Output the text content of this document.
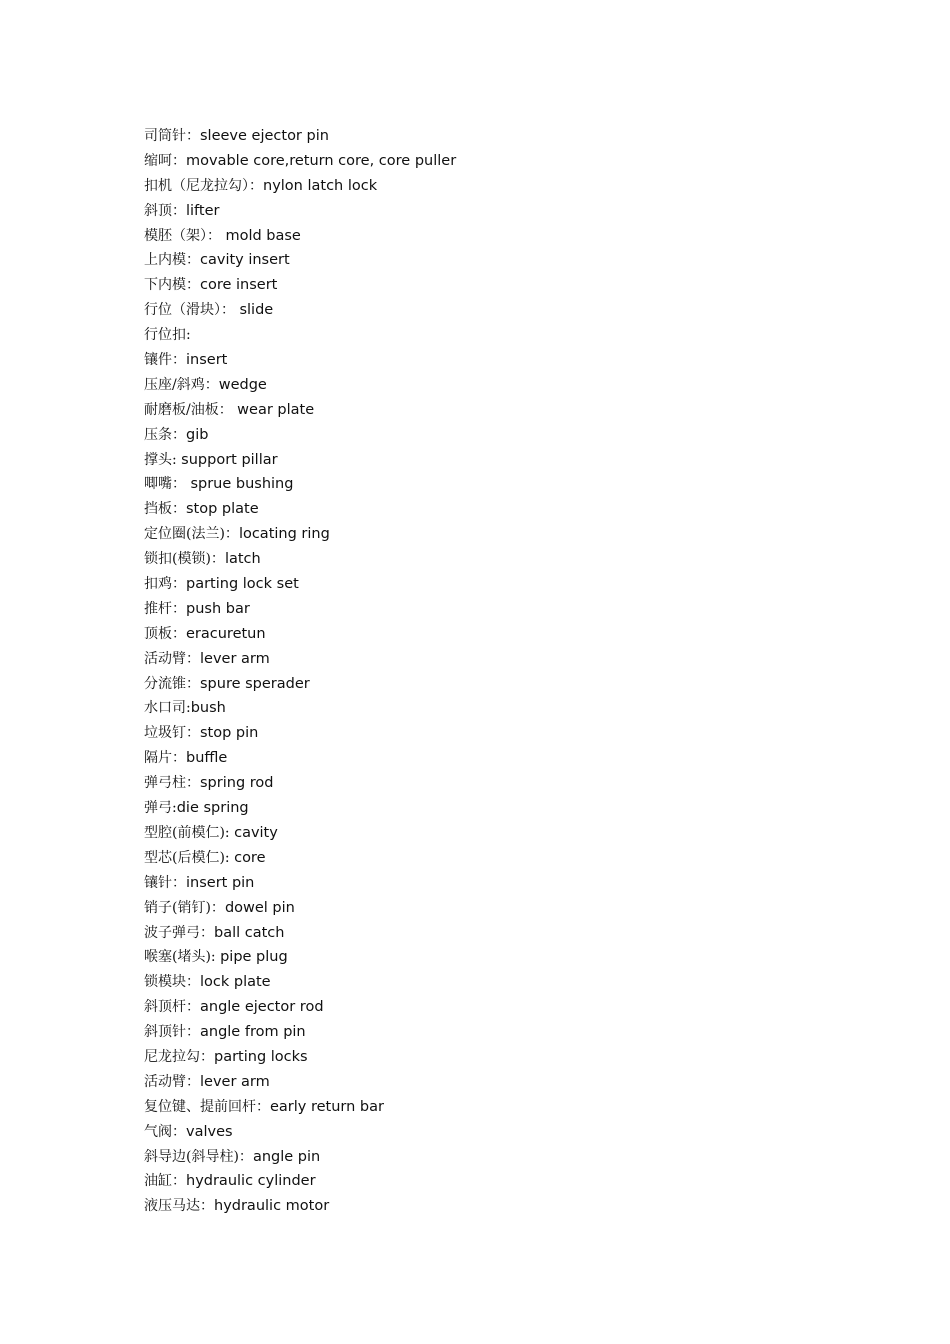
司筒针：sleeve ejector pin
缩呵：movable core,return core, core puller
扣机（尼龙拉勾）：nylon latch lock
斜顶：lifter
模胚（架）： mold base
上内模：cavity insert
下内模：core insert
行位（滑块）： slide
行位扣:
镶件：insert
压座/斜鸡：wedge
耐磨板/油板： wear plate
压条：gib
撑头: support pillar
唧嘴： sprue bushing
挡板：stop plate
定位圈(法兰)：locating ring
锁扣(模锁)：latch
扣鸡：parting lock set
推杆：push bar
顶板：eracuretun
活动臂：lever arm
分流锥：spure sperader
水口司:bush
垃圾钉：stop pin
隔片：buffle
弹弓柱：spring rod
弹弓:die spring
型腔(前模仁): cavity
型芯(后模仁): core
镶针：insert pin
销子(销钉)：dowel pin
波子弹弓：ball catch
喉塞(堵头): pipe plug
锁模块：lock plate
斜顶杆：angle ejector rod
斜顶针：angle from pin
尼龙拉勾：parting locks
活动臂：lever arm
复位键、提前回杆：early return bar
气阀：valves
斜导边(斜导柱)：angle pin
油缸：hydraulic cylinder
液压马达：hydraulic motor
